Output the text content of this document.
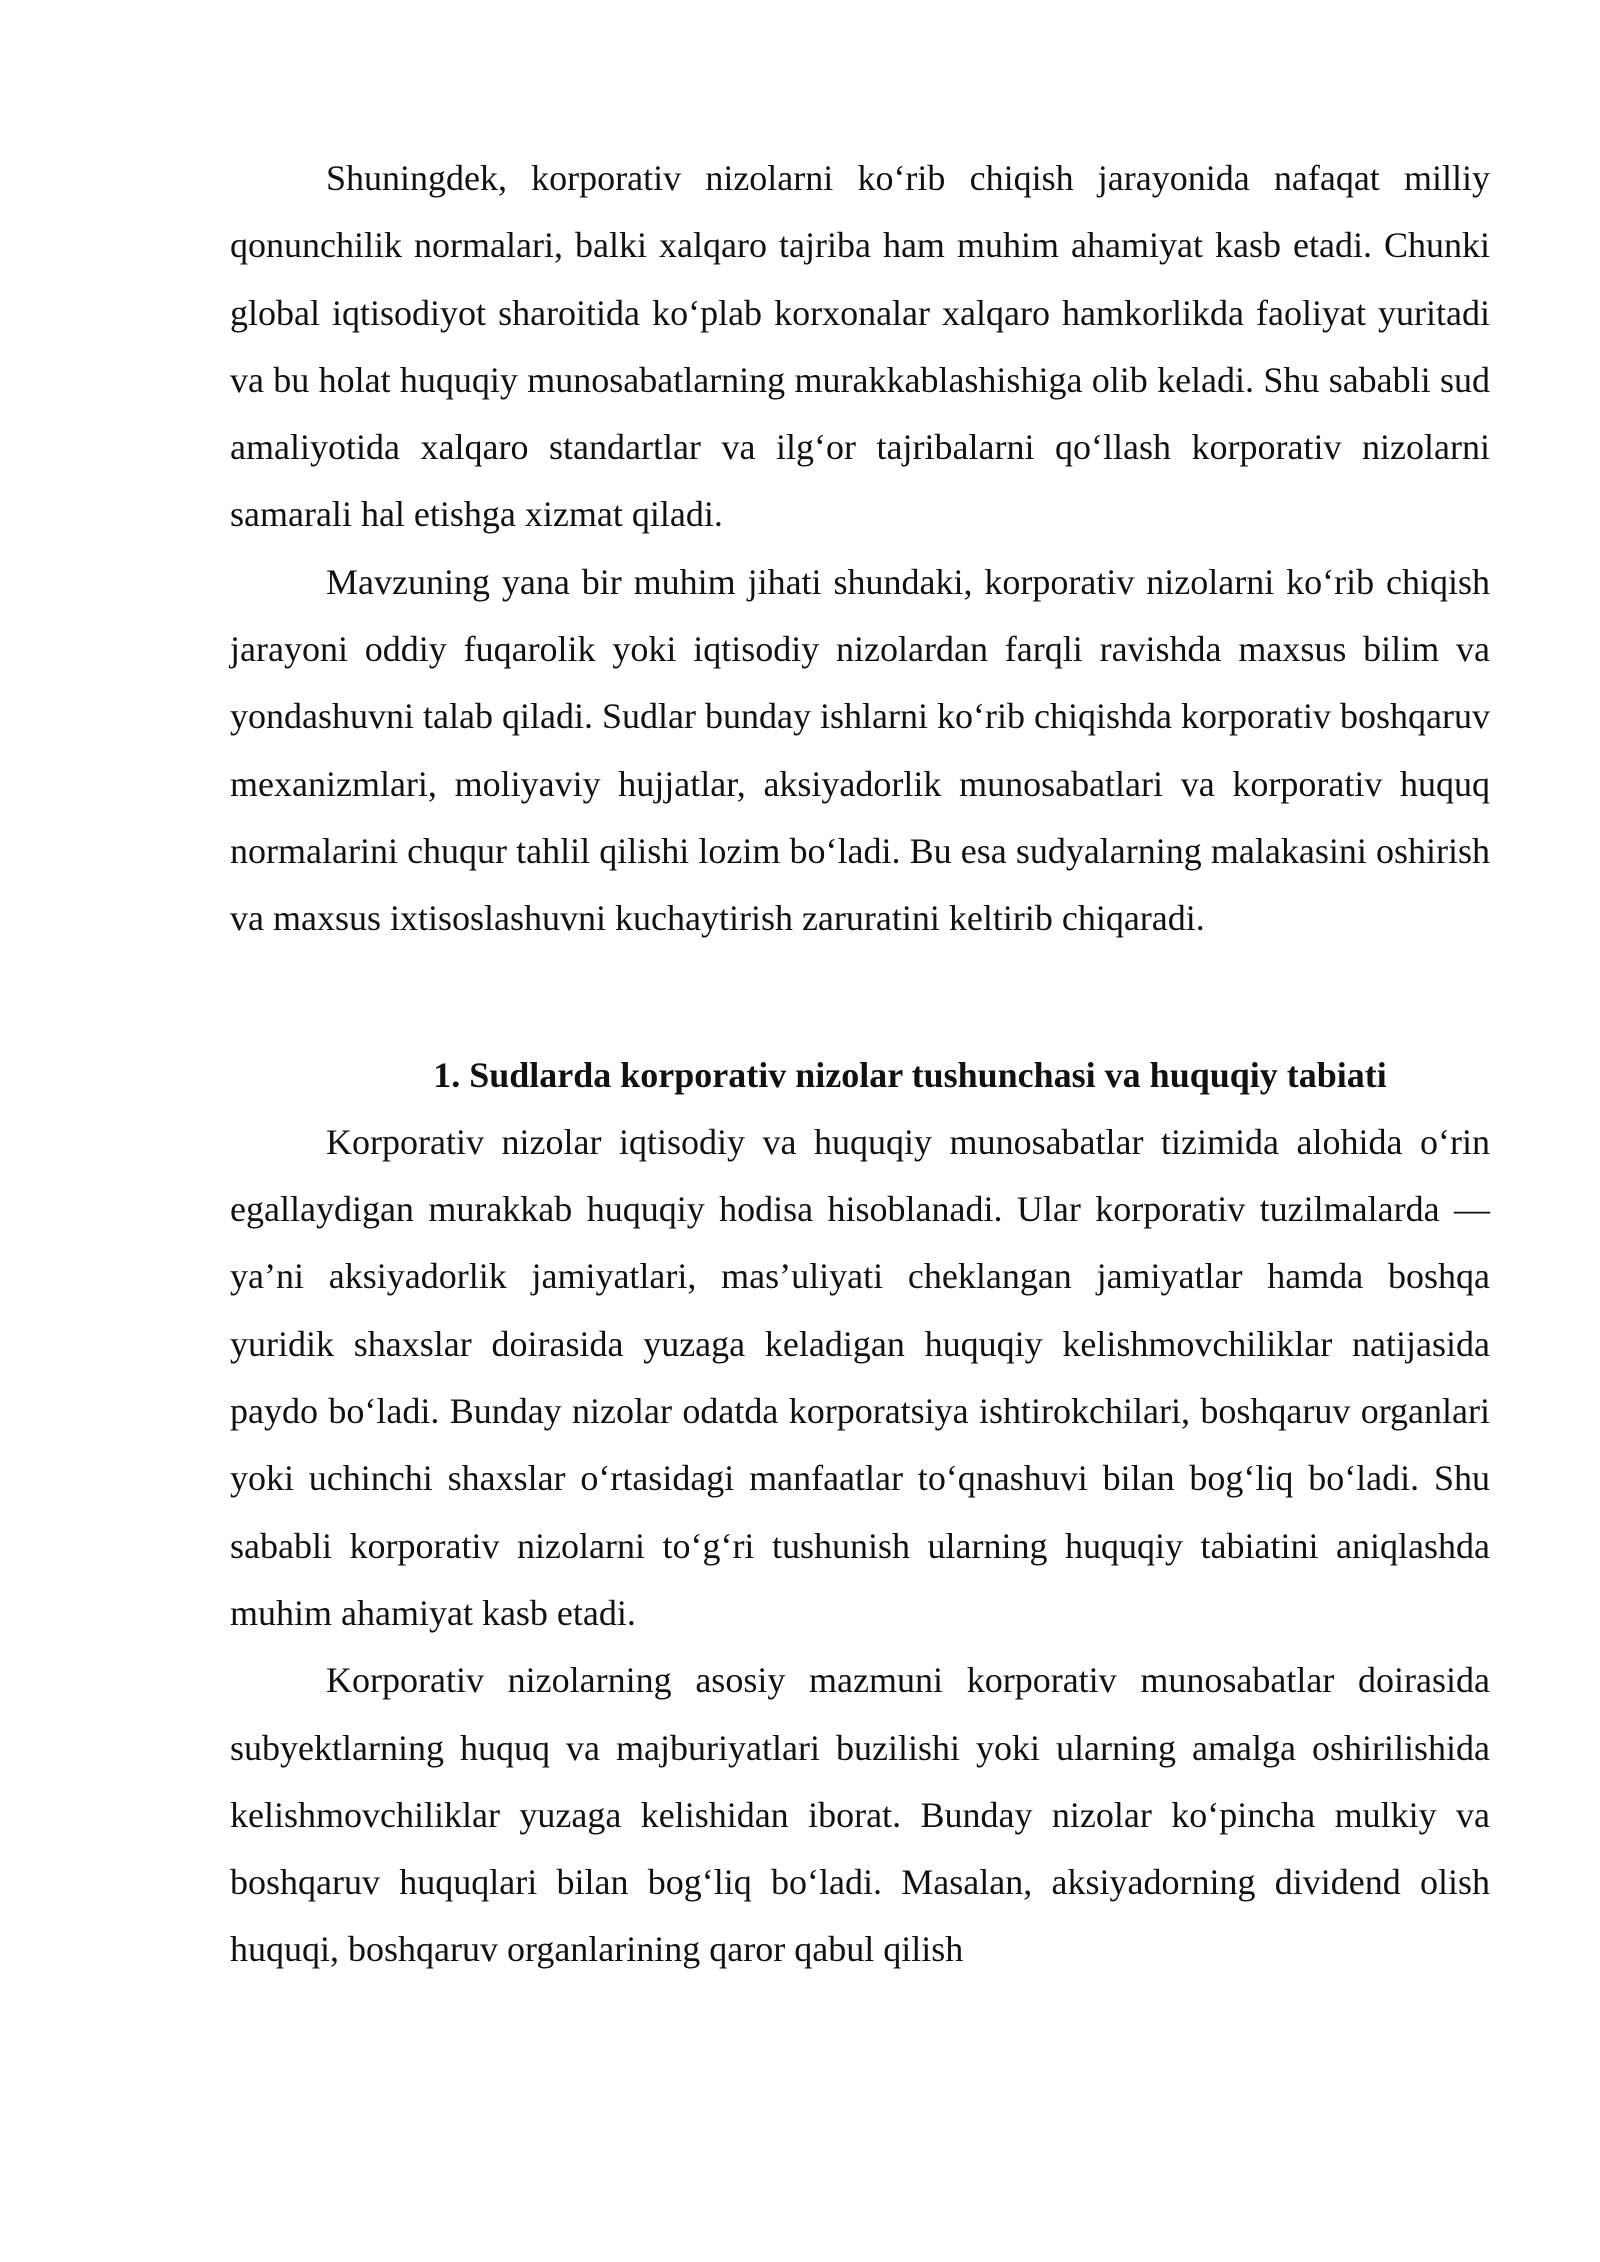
Shuningdek, korporativ nizolarni ko‘rib chiqish jarayonida nafaqat milliy qonunchilik normalari, balki xalqaro tajriba ham muhim ahamiyat kasb etadi. Chunki global iqtisodiyot sharoitida ko‘plab korxonalar xalqaro hamkorlikda faoliyat yuritadi va bu holat huquqiy munosabatlarning murakkablashishiga olib keladi. Shu sababli sud amaliyotida xalqaro standartlar va ilg‘or tajribalarni qo‘llash korporativ nizolarni samarali hal etishga xizmat qiladi.

Mavzuning yana bir muhim jihati shundaki, korporativ nizolarni ko‘rib chiqish jarayoni oddiy fuqarolik yoki iqtisodiy nizolardan farqli ravishda maxsus bilim va yondashuvni talab qiladi. Sudlar bunday ishlarni ko‘rib chiqishda korporativ boshqaruv mexanizmlari, moliyaviy hujjatlar, aksiyadorlik munosabatlari va korporativ huquq normalarini chuqur tahlil qilishi lozim bo‘ladi. Bu esa sudyalarning malakasini oshirish va maxsus ixtisoslashuvni kuchaytirish zaruratini keltirib chiqaradi.

1. Sudlarda korporativ nizolar tushunchasi va huquqiy tabiati

Korporativ nizolar iqtisodiy va huquqiy munosabatlar tizimida alohida o‘rin egallaydigan murakkab huquqiy hodisa hisoblanadi. Ular korporativ tuzilmalarda — ya’ni aksiyadorlik jamiyatlari, mas’uliyati cheklangan jamiyatlar hamda boshqa yuridik shaxslar doirasida yuzaga keladigan huquqiy kelishmovchiliklar natijasida paydo bo‘ladi. Bunday nizolar odatda korporatsiya ishtirokchilari, boshqaruv organlari yoki uchinchi shaxslar o‘rtasidagi manfaatlar to‘qnashuvi bilan bog‘liq bo‘ladi. Shu sababli korporativ nizolarni to‘g‘ri tushunish ularning huquqiy tabiatini aniqlashda muhim ahamiyat kasb etadi.

Korporativ nizolarning asosiy mazmuni korporativ munosabatlar doirasida subyektlarning huquq va majburiyatlari buzilishi yoki ularning amalga oshirilishida kelishmovchiliklar yuzaga kelishidan iborat. Bunday nizolar ko‘pincha mulkiy va boshqaruv huquqlari bilan bog‘liq bo‘ladi. Masalan, aksiyadorning dividend olish huquqi, boshqaruv organlarining qaror qabul qilish
